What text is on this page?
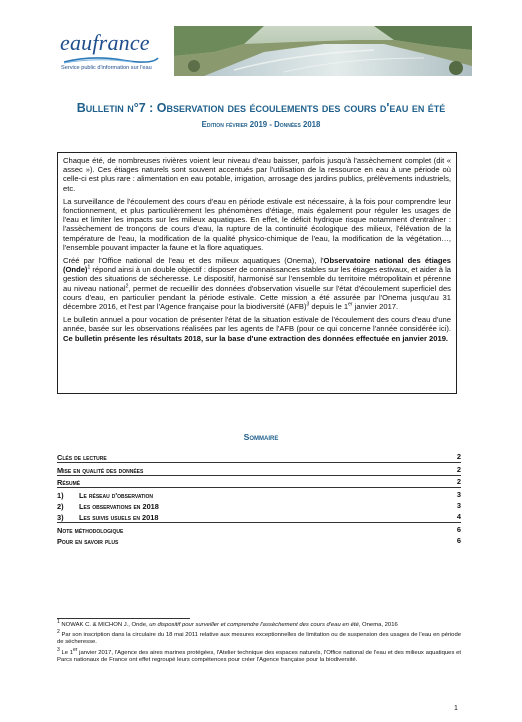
eaufrance
Service public d'information sur l'eau
Bulletin n°7 : Observation des écoulements des cours d'eau en été
Edition février 2019 - Données 2018

Chaque été, de nombreuses rivières voient leur niveau d'eau baisser, parfois jusqu'à l'assèchement complet (dit « assec »). Ces étiages naturels sont souvent accentués par l'utilisation de la ressource en eau à une période où celle-ci est plus rare : alimentation en eau potable, irrigation, arrosage des jardins publics, prélèvements industriels, etc.

La surveillance de l'écoulement des cours d'eau en période estivale est nécessaire, à la fois pour comprendre leur fonctionnement, et plus particulièrement les phénomènes d'étiage, mais également pour réguler les usages de l'eau et limiter les impacts sur les milieux aquatiques. En effet, le déficit hydrique risque notamment d'entraîner : l'assèchement de tronçons de cours d'eau, la rupture de la continuité écologique des milieux, l'élévation de la température de l'eau, la modification de la qualité physico-chimique de l'eau, la modification de la végétation…, l'ensemble pouvant impacter la faune et la flore aquatiques.

Créé par l'Office national de l'eau et des milieux aquatiques (Onema), l'Observatoire national des étiages (Onde)$^1$ répond ainsi à un double objectif : disposer de connaissances stables sur les étiages estivaux, et aider à la gestion des situations de sécheresse. Le dispositif, harmonisé sur l'ensemble du territoire métropolitain et pérenne au niveau national$^2$, permet de recueillir des données d'observation visuelle sur l'état d'écoulement superficiel des cours d'eau, en particulier pendant la période estivale. Cette mission a été assurée par l'Onema jusqu'au 31 décembre 2016, et l'est par l'Agence française pour la biodiversité (AFB)$^3$ depuis le 1er janvier 2017.

Le bulletin annuel a pour vocation de présenter l'état de la situation estivale de l'écoulement des cours d'eau d'une année, basée sur les observations réalisées par les agents de l'AFB (pour ce qui concerne l'année considérée ici). Ce bulletin présente les résultats 2018, sur la base d'une extraction des données effectuée en janvier 2019.

Sommaire
Clés de lecture	2
Mise en qualité des données	2
Résumé	2
1)	Le réseau d'observation	3
2)	Les observations en 2018	3
3)	Les suivis usuels en 2018	4
Note méthodologique	6
Pour en savoir plus	6
$^1$ NOWAK C. & MICHON J., Onde, un dispositif pour surveiller et comprendre l'assèchement des cours d'eau en été, Onema, 2016
$^2$ Par son inscription dans la circulaire du 18 mai 2011 relative aux mesures exceptionnelles de limitation ou de suspension des usages de l'eau en période de sécheresse.
$^3$ Le 1er janvier 2017, l'Agence des aires marines protégées, l'Atelier technique des espaces naturels, l'Office national de l'eau et des milieux aquatiques et Parcs nationaux de France ont effet regroupé leurs compétences pour créer l'Agence française pour la biodiversité.
1
